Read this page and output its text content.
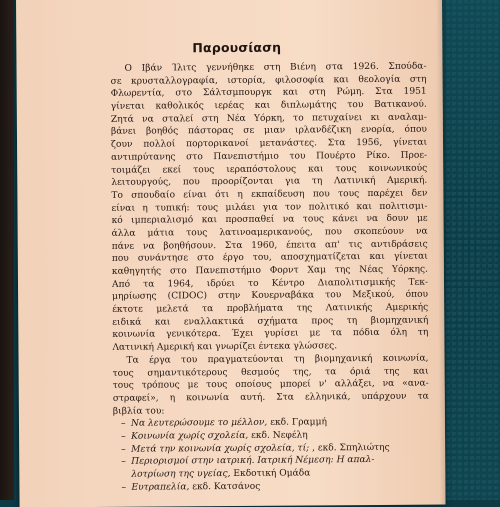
Παρουσίαση
Ο Ιβάν Ίλιτς γεννήθηκε στη Βιένη στα 1926. Σπούδα-
σε κρυσταλλογραφία, ιστορία, φιλοσοφία και θεολογία στη
Φλωρεντία, στο Σάλτσμπουργκ και στη Ρώμη. Στα 1951
γίνεται καθολικός ιερέας και διπλωμάτης του Βατικανού.
Ζητά να σταλεί στη Νέα Υόρκη, το πετυχαίνει κι αναλαμ-
βάνει βοηθός πάστορας σε μιαν ιρλανδέζικη ενορία, όπου
ζουν πολλοί πορτορικανοί μετανάστες. Στα 1956, γίνεται
αντιπρύτανης στο Πανεπιστήμιο του Πουέρτο Ρίκο. Προε-
τοιμάζει εκεί τους ιεραπόστολους και τους κοινωνικούς
λειτουργούς, που προορίζονται για τη Λατινική Αμερική.
Το σπουδαίο είναι ότι η εκπαίδευση που τους παρέχει δεν
είναι η τυπική: τους μιλάει για τον πολιτικό και πολιτισμι-
κό ιμπεριαλισμό και προσπαθεί να τους κάνει να δουν με
άλλα μάτια τους λατινοαμερικανούς, που σκοπεύουν να
πάνε να βοηθήσουν. Στα 1960, έπειτα απ' τις αντιδράσεις
που συνάντησε στο έργο του, αποσχηματίζεται και γίνεται
καθηγητής στο Πανεπιστήμιο Φορντ Χαμ της Νέας Υόρκης.
Από τα 1964, ιδρύει το Κέντρο Διαπολιτισμικής Τεκ-
μηρίωσης (CIDOC) στην Κουερναβάκα του Μεξικού, όπου
έκτοτε μελετά τα προβλήματα της Λατινικής Αμερικής
ειδικά και εναλλακτικά σχήματα προς τη βιομηχανική
κοινωνία γενικότερα. Έχει γυρίσει με τα πόδια όλη τη
Λατινική Αμερική και γνωρίζει έντεκα γλώσσες.
Τα έργα του πραγματεύονται τη βιομηχανική κοινωνία,
τους σημαντικότερους θεσμούς της, τα όριά της και
τους τρόπους με τους οποίους μπορεί ν' αλλάξει, να «ανα-
στραφεί», η κοινωνία αυτή. Στα ελληνικά, υπάρχουν τα
βιβλία του:
– Να λευτερώσουμε το μέλλον, εκδ. Γραμμή
– Κοινωνία χωρίς σχολεία, εκδ. Νεφέλη
– Μετά την κοινωνία χωρίς σχολεία, τί; , εκδ. Σπηλιώτης
– Περιορισμοί στην ιατρική. Ιατρική Νέμεση: Η απαλ-
λοτρίωση της υγείας, Εκδοτική Ομάδα
– Ευτραπελία, εκδ. Κατσάνος
